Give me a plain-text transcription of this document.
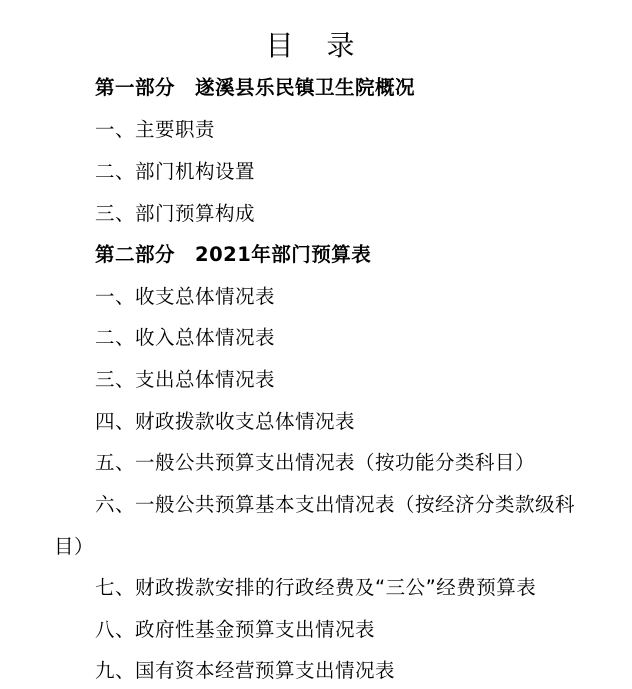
目 录
第一部分　遂溪县乐民镇卫生院概况
一、主要职责
二、部门机构设置
三、部门预算构成
第二部分　2021年部门预算表
一、收支总体情况表
二、收入总体情况表
三、支出总体情况表
四、财政拨款收支总体情况表
五、一般公共预算支出情况表（按功能分类科目）
六、一般公共预算基本支出情况表（按经济分类款级科
目）
七、财政拨款安排的行政经费及“三公”经费预算表
八、政府性基金预算支出情况表
九、国有资本经营预算支出情况表
